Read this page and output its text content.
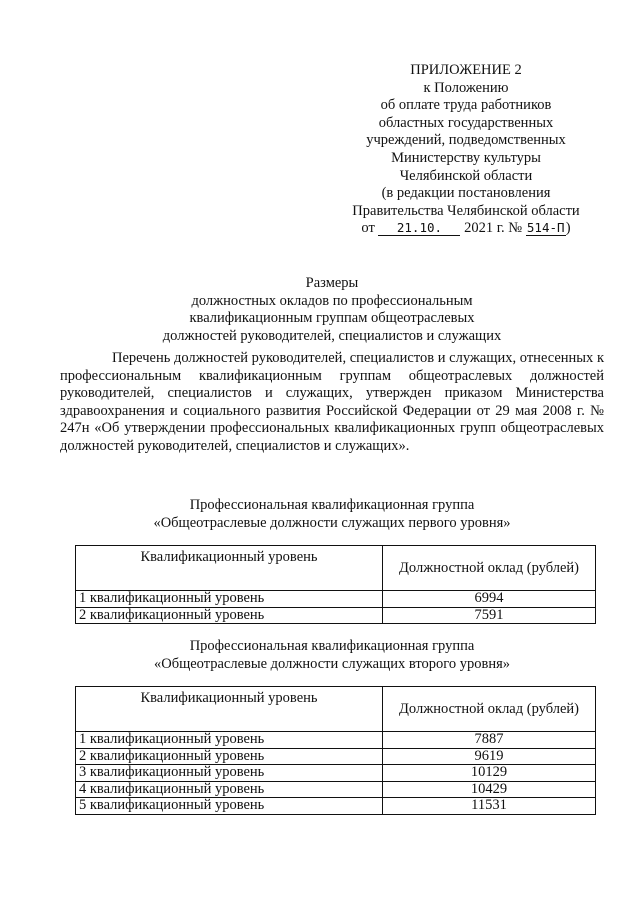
ПРИЛОЖЕНИЕ 2
к Положению
об оплате труда работников
областных государственных
учреждений, подведомственных
Министерству культуры
Челябинской области
(в редакции постановления
Правительства Челябинской области
от 21.10. 2021 г. № 514-П)
Размеры
должностных окладов по профессиональным
квалификационным группам общеотраслевых
должностей руководителей, специалистов и служащих

Перечень должностей руководителей, специалистов и служащих, отнесенных к профессиональным квалификационным группам общеотраслевых должностей руководителей, специалистов и служащих, утвержден приказом Министерства здравоохранения и социального развития Российской Федерации от 29 мая 2008 г. № 247н «Об утверждении профессиональных квалификационных групп общеотраслевых должностей руководителей, специалистов и служащих».

Профессиональная квалификационная группа
«Общеотраслевые должности служащих первого уровня»
Квалификационный уровень	Должностной оклад (рублей)
1 квалификационный уровень	6994
2 квалификационный уровень	7591
Профессиональная квалификационная группа
«Общеотраслевые должности служащих второго уровня»
Квалификационный уровень	Должностной оклад (рублей)
1 квалификационный уровень	7887
2 квалификационный уровень	9619
3 квалификационный уровень	10129
4 квалификационный уровень	10429
5 квалификационный уровень	11531
